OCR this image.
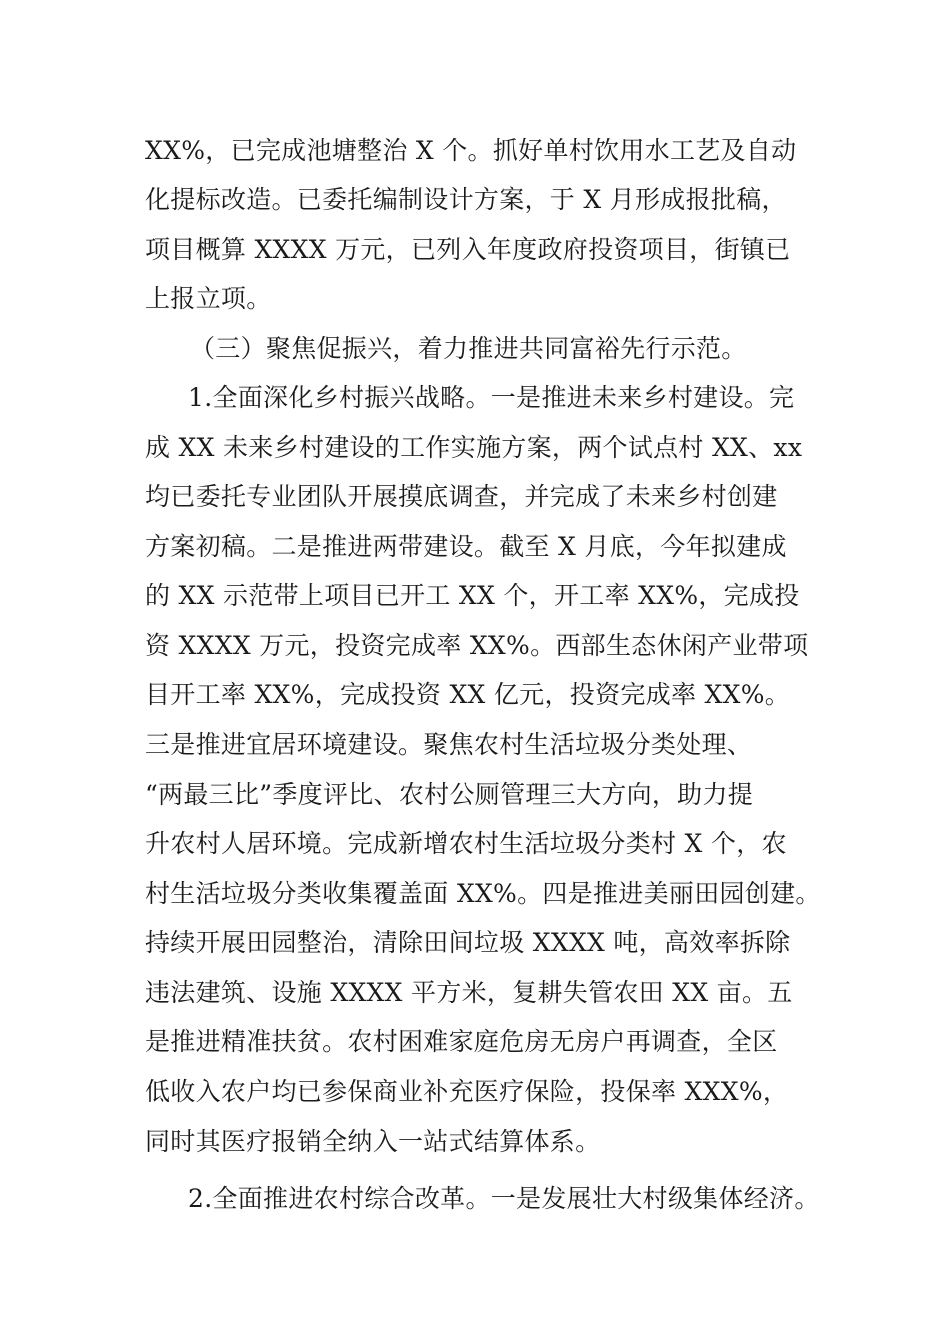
XX%，已完成池塘整治 X 个。抓好单村饮用水工艺及自动
化提标改造。已委托编制设计方案，于 X 月形成报批稿，
项目概算 XXXX 万元，已列入年度政府投资项目，街镇已
上报立项。
（三）聚焦促振兴，着力推进共同富裕先行示范。
1.全面深化乡村振兴战略。一是推进未来乡村建设。完
成 XX 未来乡村建设的工作实施方案，两个试点村 XX、xx
均已委托专业团队开展摸底调查，并完成了未来乡村创建
方案初稿。二是推进两带建设。截至 X 月底，今年拟建成
的 XX 示范带上项目已开工 XX 个，开工率 XX%，完成投
资 XXXX 万元，投资完成率 XX%。西部生态休闲产业带项
目开工率 XX%，完成投资 XX 亿元，投资完成率 XX%。
三是推进宜居环境建设。聚焦农村生活垃圾分类处理、
“两最三比”季度评比、农村公厕管理三大方向，助力提
升农村人居环境。完成新增农村生活垃圾分类村 X 个，农
村生活垃圾分类收集覆盖面 XX%。四是推进美丽田园创建。
持续开展田园整治，清除田间垃圾 XXXX 吨，高效率拆除
违法建筑、设施 XXXX 平方米，复耕失管农田 XX 亩。五
是推进精准扶贫。农村困难家庭危房无房户再调查，全区
低收入农户均已参保商业补充医疗保险，投保率 XXX%，
同时其医疗报销全纳入一站式结算体系。
2.全面推进农村综合改革。一是发展壮大村级集体经济。
